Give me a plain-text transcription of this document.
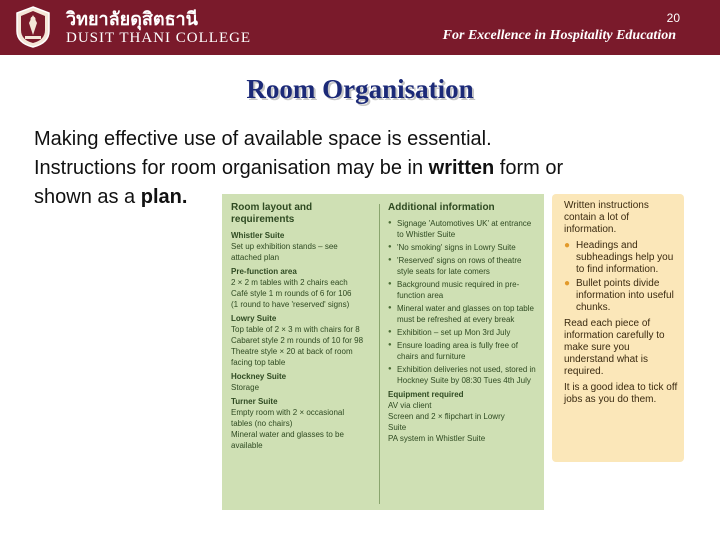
วิทยาลัยดุสิตธานี
DUSIT THANI COLLEGE
20
For Excellence in Hospitality Education
Room Organisation
Making effective use of available space is essential.
Instructions for room organisation may be in written form or
shown as a plan.	Room layout and requirements
Whistler Suite
Set up exhibition stands – see
attached plan
Pre-function area
2 × 2 m tables with 2 chairs each
Café style 1 m rounds of 6 for 106
(1 round to have 'reserved' signs)
Lowry Suite
Top table of 2 × 3 m with chairs for 8
Cabaret style 2 m rounds of 10 for 98
Theatre style × 20 at back of room
facing top table
Hockney Suite
Storage
Turner Suite
Empty room with 2 × occasional
tables (no chairs)
Mineral water and glasses to be
available
Additional information
● Signage 'Automotives UK' at entrance to Whistler Suite
● 'No smoking' signs in Lowry Suite
● 'Reserved' signs on rows of theatre style seats for late comers
● Background music required in pre-function area
● Mineral water and glasses on top table must be refreshed at every break
● Exhibition – set up Mon 3rd July
● Ensure loading area is fully free of chairs and furniture
● Exhibition deliveries not used, stored in Hockney Suite by 08:30 Tues 4th July
Equipment required
AV via client
Screen and 2 × flipchart in Lowry
Suite
PA system in Whistler Suite

Written instructions contain a lot of information.

● Headings and subheadings help you to find information.
● Bullet points divide information into useful chunks.

Read each piece of information carefully to make sure you understand what is required.

It is a good idea to tick off jobs as you do them.
